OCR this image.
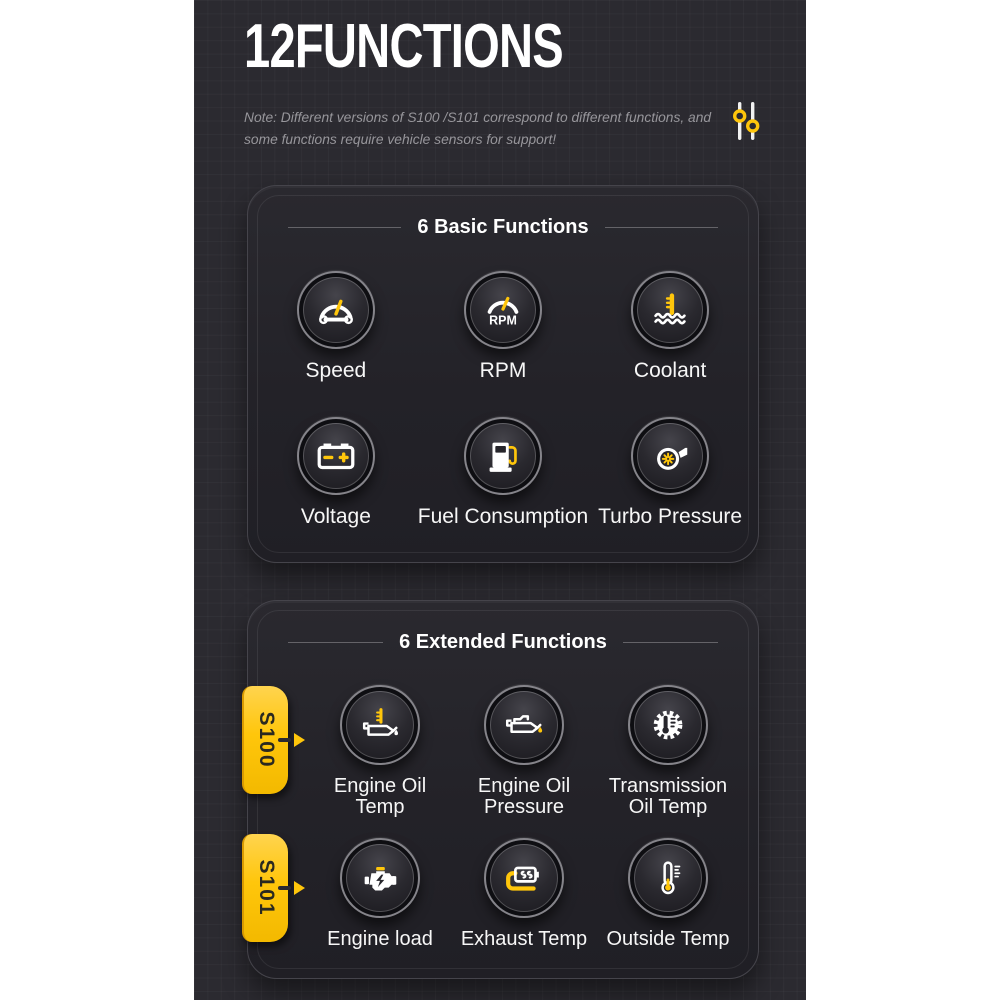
12FUNCTIONS
Note: Different versions of S100 /S101 correspond to different functions, and some functions require vehicle sensors for support!
6 Basic Functions
Speed
RPM
RPM	Coolant
Voltage Fuel Consumption Turbo Pressure
6 Extended Functions
S100
S101
Engine Oil Temp
Engine Oil Pressure
Transmission Oil Temp
Engine load Exhaust Temp Outside Temp
